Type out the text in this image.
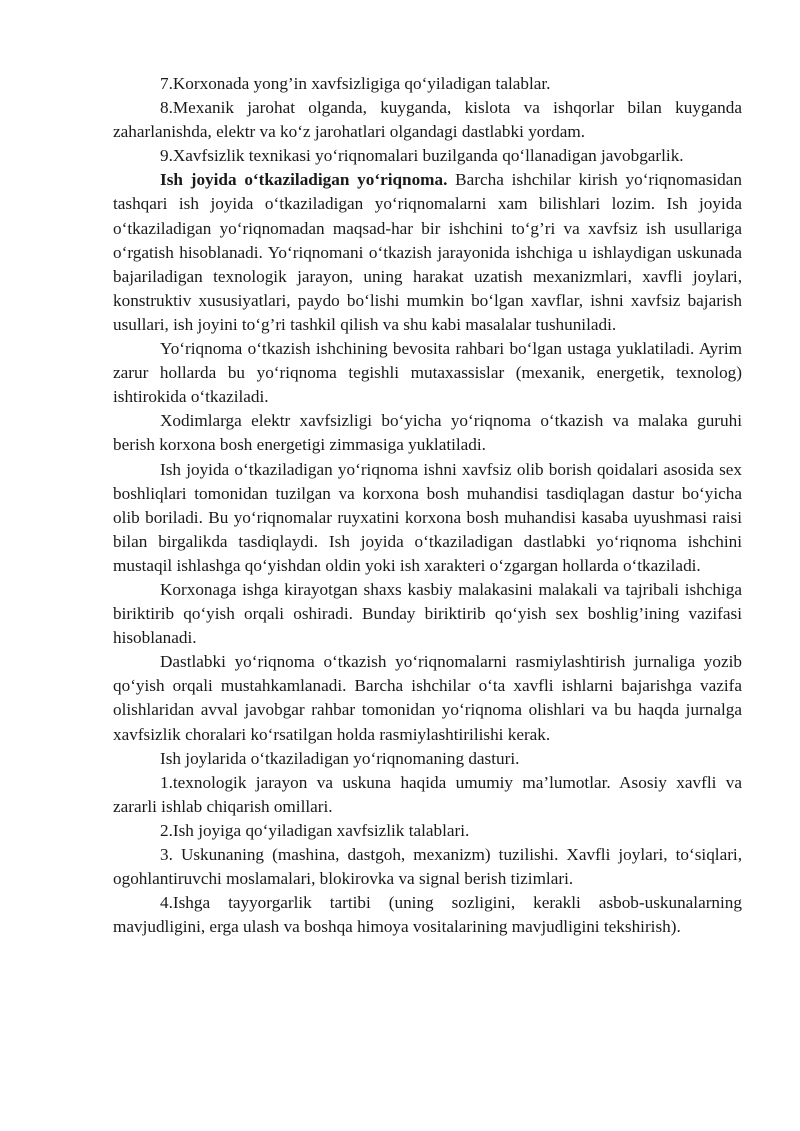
7.Korxonada yong’in xavfsizligiga qo‘yiladigan talablar.

8.Mexanik jarohat olganda, kuyganda, kislota va ishqorlar bilan kuyganda zaharlanishda, elektr va ko‘z jarohatlari olgandagi dastlabki yordam.

9.Xavfsizlik texnikasi yo‘riqnomalari buzilganda qo‘llanadigan javobgarlik.

Ish joyida o‘tkaziladigan yo‘riqnoma. Barcha ishchilar kirish yo‘riqnomasidan tashqari ish joyida o‘tkaziladigan yo‘riqnomalarni xam bilishlari lozim. Ish joyida o‘tkaziladigan yo‘riqnomadan maqsad-har bir ishchini to‘g’ri va xavfsiz ish usullariga o‘rgatish hisoblanadi. Yo‘riqnomani o‘tkazish jarayonida ishchiga u ishlaydigan uskunada bajariladigan texnologik jarayon, uning harakat uzatish mexanizmlari, xavfli joylari, konstruktiv xususiyatlari, paydo bo‘lishi mumkin bo‘lgan xavflar, ishni xavfsiz bajarish usullari, ish joyini to‘g’ri tashkil qilish va shu kabi masalalar tushuniladi.

Yo‘riqnoma o‘tkazish ishchining bevosita rahbari bo‘lgan ustaga yuklatiladi. Ayrim zarur hollarda bu yo‘riqnoma tegishli mutaxassislar (mexanik, energetik, texnolog) ishtirokida o‘tkaziladi.

Xodimlarga elektr xavfsizligi bo‘yicha yo‘riqnoma o‘tkazish va malaka guruhi berish korxona bosh energetigi zimmasiga yuklatiladi.

Ish joyida o‘tkaziladigan yo‘riqnoma ishni xavfsiz olib borish qoidalari asosida sex boshliqlari tomonidan tuzilgan va korxona bosh muhandisi tasdiqlagan dastur bo‘yicha olib boriladi. Bu yo‘riqnomalar ruyxatini korxona bosh muhandisi kasaba uyushmasi raisi bilan birgalikda tasdiqlaydi. Ish joyida o‘tkaziladigan dastlabki yo‘riqnoma ishchini mustaqil ishlashga qo‘yishdan oldin yoki ish xarakteri o‘zgargan hollarda o‘tkaziladi.

Korxonaga ishga kirayotgan shaxs kasbiy malakasini malakali va tajribali ishchiga biriktirib qo‘yish orqali oshiradi. Bunday biriktirib qo‘yish sex boshlig’ining vazifasi hisoblanadi.

Dastlabki yo‘riqnoma o‘tkazish yo‘riqnomalarni rasmiylashtirish jurnaliga yozib qo‘yish orqali mustahkamlanadi. Barcha ishchilar o‘ta xavfli ishlarni bajarishga vazifa olishlaridan avval javobgar rahbar tomonidan yo‘riqnoma olishlari va bu haqda jurnalga xavfsizlik choralari ko‘rsatilgan holda rasmiylashtirilishi kerak.

Ish joylarida o‘tkaziladigan yo‘riqnomaning dasturi.

1.texnologik jarayon va uskuna haqida umumiy ma’lumotlar. Asosiy xavfli va zararli ishlab chiqarish omillari.

2.Ish joyiga qo‘yiladigan xavfsizlik talablari.

3. Uskunaning (mashina, dastgoh, mexanizm) tuzilishi. Xavfli joylari, to‘siqlari, ogohlantiruvchi moslamalari, blokirovka va signal berish tizimlari.

4.Ishga tayyorgarlik tartibi (uning sozligini, kerakli asbob-uskunalarning mavjudligini, erga ulash va boshqa himoya vositalarining mavjudligini tekshirish).
